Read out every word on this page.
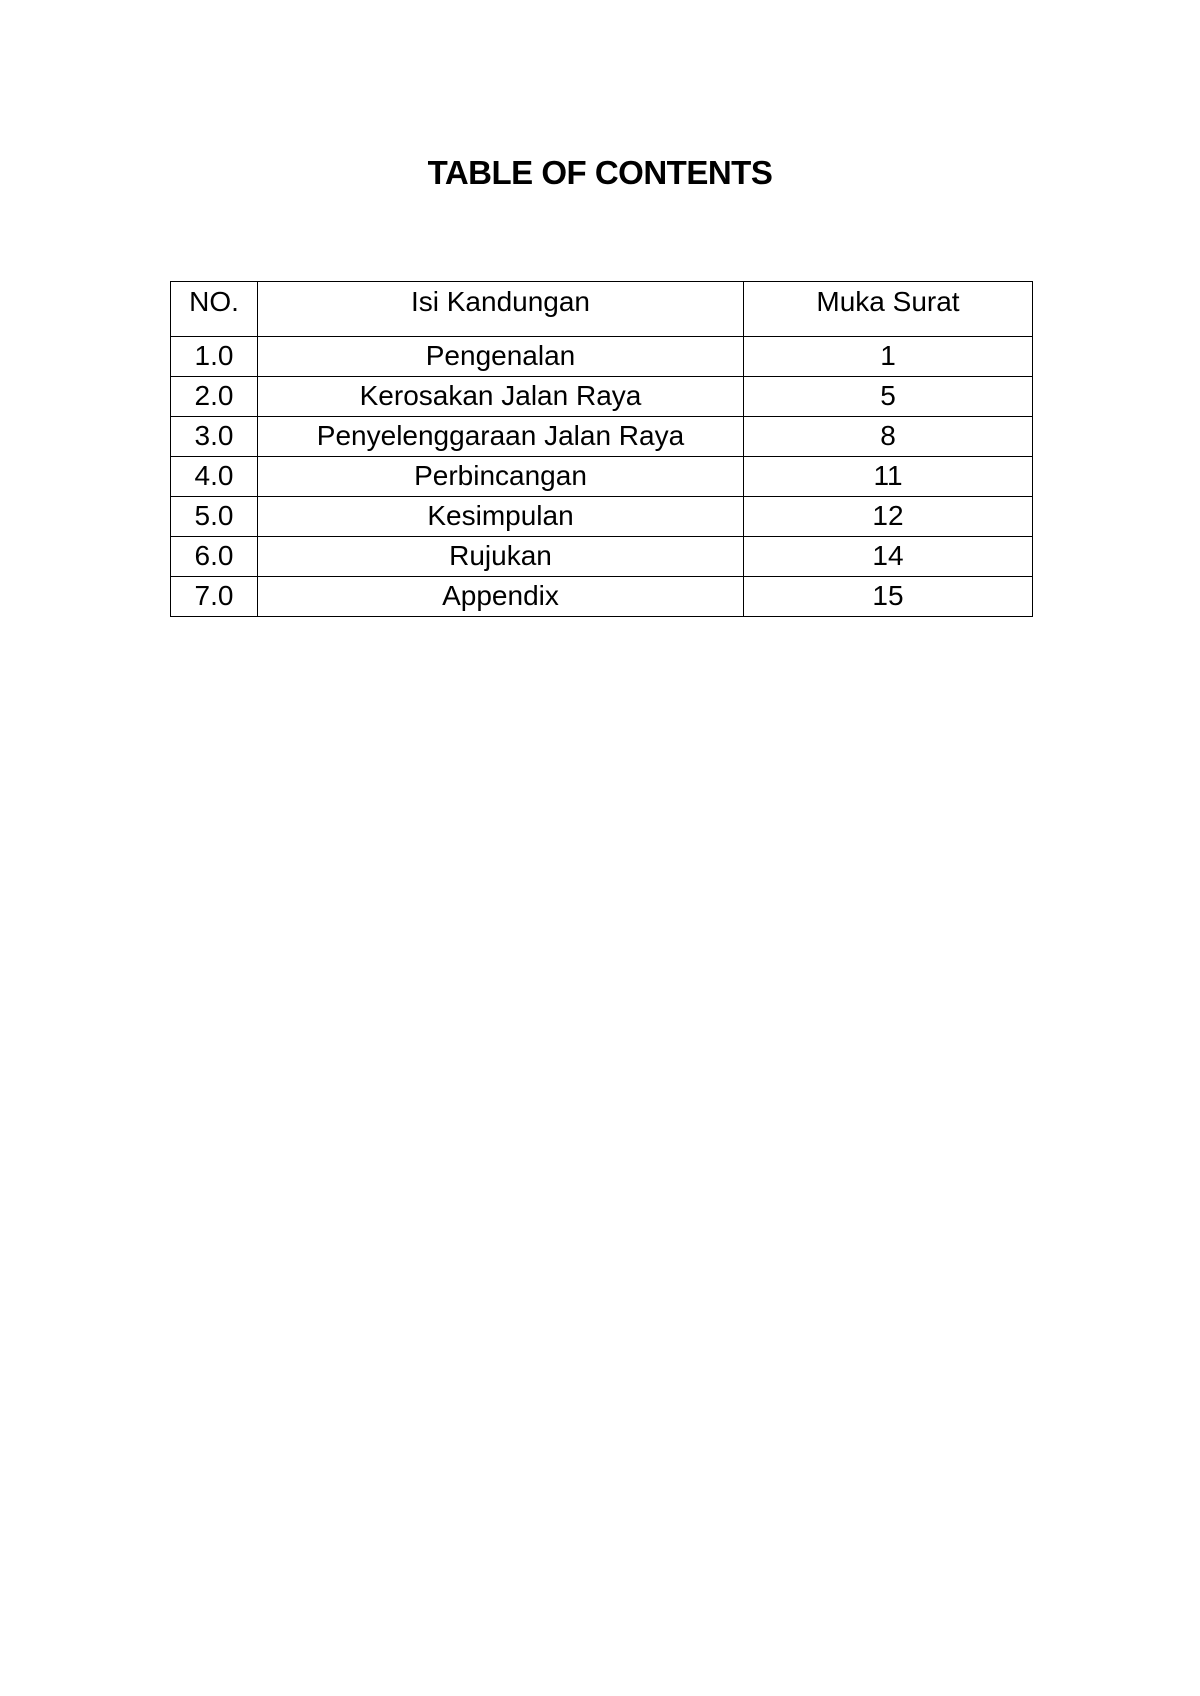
TABLE OF CONTENTS
NO.	Isi Kandungan	Muka Surat
1.0	Pengenalan	1
2.0	Kerosakan Jalan Raya	5
3.0	Penyelenggaraan Jalan Raya	8
4.0	Perbincangan	11
5.0	Kesimpulan	12
6.0	Rujukan	14
7.0	Appendix	15
